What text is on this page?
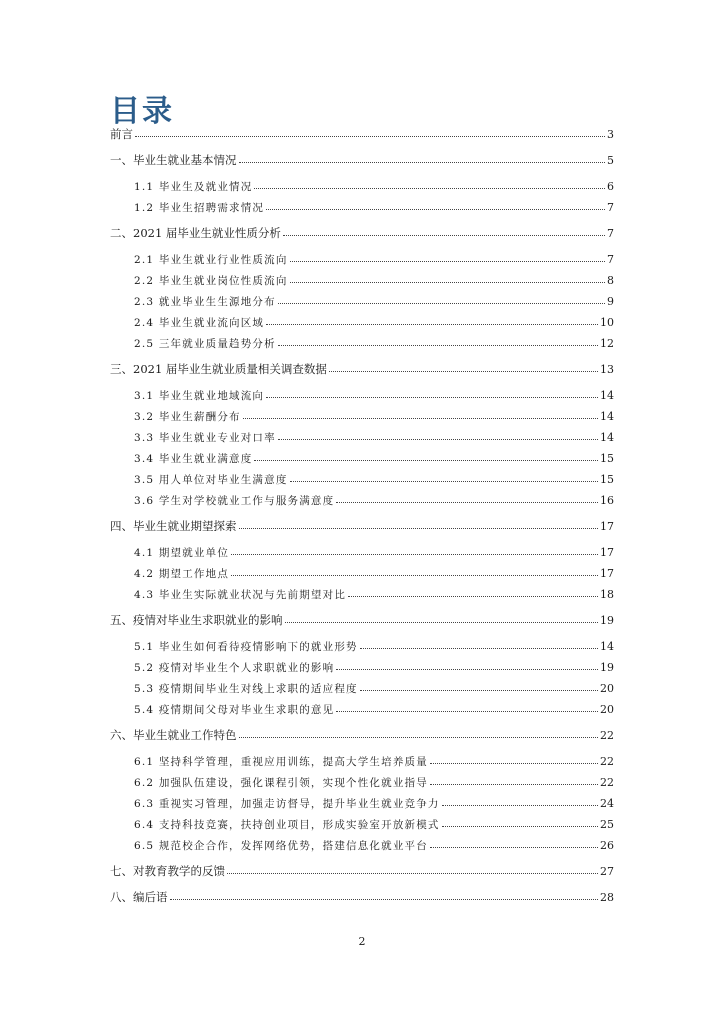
目录
前言	3
一、毕业生就业基本情况	5
1.1 毕业生及就业情况	6
1.2 毕业生招聘需求情况	7
二、2021 届毕业生就业性质分析	7
2.1 毕业生就业行业性质流向	7
2.2 毕业生就业岗位性质流向	8
2.3 就业毕业生生源地分布	9
2.4 毕业生就业流向区域	10
2.5 三年就业质量趋势分析	12
三、2021 届毕业生就业质量相关调查数据	13
3.1 毕业生就业地域流向	14
3.2 毕业生薪酬分布	14
3.3 毕业生就业专业对口率	14
3.4 毕业生就业满意度	15
3.5 用人单位对毕业生满意度	15
3.6 学生对学校就业工作与服务满意度	16
四、毕业生就业期望探索	17
4.1 期望就业单位	17
4.2 期望工作地点	17
4.3 毕业生实际就业状况与先前期望对比	18
五、疫情对毕业生求职就业的影响	19
5.1 毕业生如何看待疫情影响下的就业形势	14
5.2 疫情对毕业生个人求职就业的影响	19
5.3 疫情期间毕业生对线上求职的适应程度	20
5.4 疫情期间父母对毕业生求职的意见	20
六、毕业生就业工作特色	22
6.1 坚持科学管理，重视应用训练，提高大学生培养质量	22
6.2 加强队伍建设，强化课程引领，实现个性化就业指导	22
6.3 重视实习管理，加强走访督导，提升毕业生就业竞争力	24
6.4 支持科技竞赛，扶持创业项目，形成实验室开放新模式	25
6.5 规范校企合作，发挥网络优势，搭建信息化就业平台	26
七、对教育教学的反馈	27
八、编后语	28
2
